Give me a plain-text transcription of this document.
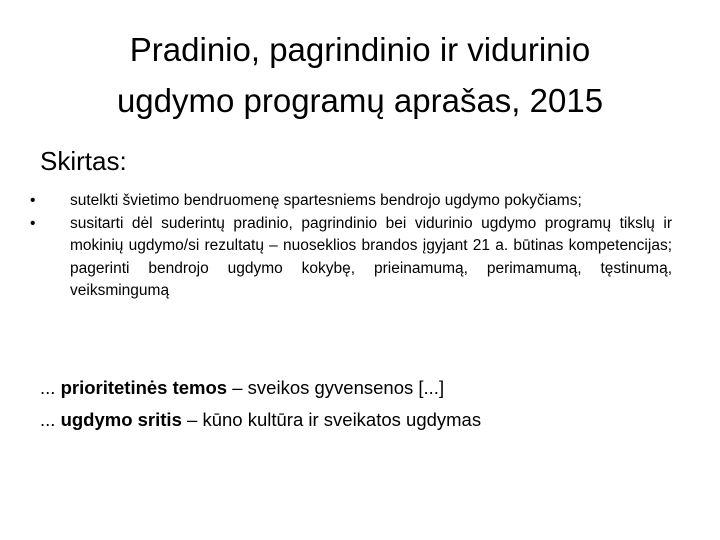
Pradinio, pagrindinio ir vidurinio
ugdymo programų aprašas, 2015
Skirtas:
•	sutelkti švietimo bendruomenę spartesniems bendrojo ugdymo pokyčiams;
•	susitarti dėl suderintų pradinio, pagrindinio bei vidurinio ugdymo programų tikslų ir mokinių ugdymo/si rezultatų – nuoseklios brandos įgyjant 21 a. būtinas kompetencijas; pagerinti bendrojo ugdymo kokybę, prieinamumą, perimamumą, tęstinumą, veiksmingumą

... prioritetinės temos – sveikos gyvensenos [...]

... ugdymo sritis – kūno kultūra ir sveikatos ugdymas
